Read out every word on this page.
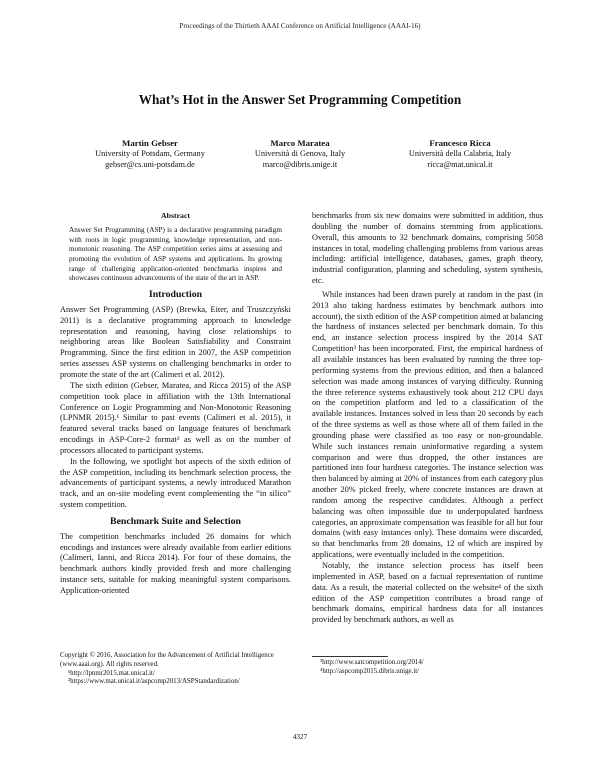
Proceedings of the Thirtieth AAAI Conference on Artificial Intelligence (AAAI-16)
What’s Hot in the Answer Set Programming Competition
Martin Gebser
University of Potsdam, Germany
gebser@cs.uni-potsdam.de
Marco Maratea
Università di Genova, Italy
marco@dibris.unige.it
Francesco Ricca
Università della Calabria, Italy
ricca@mat.unical.it
Abstract

Answer Set Programming (ASP) is a declarative programming paradigm with roots in logic programming, knowledge representation, and non-monotonic reasoning. The ASP competition series aims at assessing and promoting the evolution of ASP systems and applications. Its growing range of challenging application-oriented benchmarks inspires and showcases continuous advancements of the state of the art in ASP.

Introduction

Answer Set Programming (ASP) (Brewka, Eiter, and Truszczyński 2011) is a declarative programming approach to knowledge representation and reasoning, having close relationships to neighboring areas like Boolean Satisfiability and Constraint Programming. Since the first edition in 2007, the ASP competition series assesses ASP systems on challenging benchmarks in order to promote the state of the art (Calimeri et al. 2012).

The sixth edition (Gebser, Maratea, and Ricca 2015) of the ASP competition took place in affiliation with the 13th International Conference on Logic Programming and Non-Monotonic Reasoning (LPNMR 2015).¹ Similar to past events (Calimeri et al. 2015), it featured several tracks based on language features of benchmark encodings in ASP-Core-2 format² as well as on the number of processors allocated to participant systems.

In the following, we spotlight hot aspects of the sixth edition of the ASP competition, including its benchmark selection process, the advancements of participant systems, a newly introduced Marathon track, and an on-site modeling event complementing the “in silico” system competition.

Benchmark Suite and Selection

The competition benchmarks included 26 domains for which encodings and instances were already available from earlier editions (Calimeri, Ianni, and Ricca 2014). For four of these domains, the benchmark authors kindly provided fresh and more challenging instance sets, suitable for making meaningful system comparisons. Application-oriented

Copyright © 2016, Association for the Advancement of Artificial Intelligence (www.aaai.org). All rights reserved.

¹http://lpnmr2015.mat.unical.it/

²https://www.mat.unical.it/aspcomp2013/ASPStandardization/

benchmarks from six new domains were submitted in addition, thus doubling the number of domains stemming from applications. Overall, this amounts to 32 benchmark domains, comprising 5058 instances in total, modeling challenging problems from various areas including: artificial intelligence, databases, games, graph theory, industrial configuration, planning and scheduling, system synthesis, etc.

While instances had been drawn purely at random in the past (in 2013 also taking hardness estimates by benchmark authors into account), the sixth edition of the ASP competition aimed at balancing the hardness of instances selected per benchmark domain. To this end, an instance selection process inspired by the 2014 SAT Competition³ has been incorporated. First, the empirical hardness of all available instances has been evaluated by running the three top-performing systems from the previous edition, and then a balanced selection was made among instances of varying difficulty. Running the three reference systems exhaustively took about 212 CPU days on the competition platform and led to a classification of the available instances. Instances solved in less than 20 seconds by each of the three systems as well as those where all of them failed in the grounding phase were classified as too easy or non-groundable. While such instances remain uninformative regarding a system comparison and were thus dropped, the other instances are partitioned into four hardness categories. The instance selection was then balanced by aiming at 20% of instances from each category plus another 20% picked freely, where concrete instances are drawn at random among the respective candidates. Although a perfect balancing was often impossible due to underpopulated hardness categories, an approximate compensation was feasible for all but four domains (with easy instances only). These domains were discarded, so that benchmarks from 28 domains, 12 of which are inspired by applications, were eventually included in the competition.

Notably, the instance selection process has itself been implemented in ASP, based on a factual representation of runtime data. As a result, the material collected on the website⁴ of the sixth edition of the ASP competition contributes a broad range of benchmark domains, empirical hardness data for all instances provided by benchmark authors, as well as

³http://www.satcompetition.org/2014/

⁴http://aspcomp2015.dibris.unige.it/

4327
